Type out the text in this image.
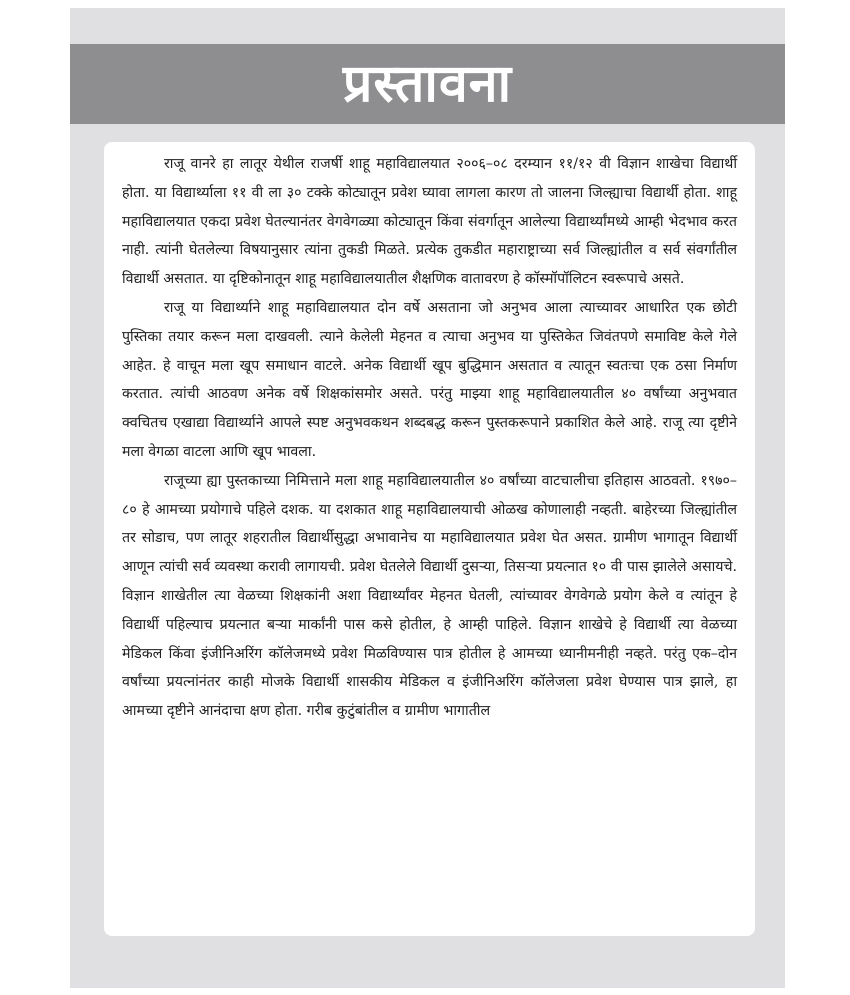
प्रस्तावना

राजू वानरे हा लातूर येथील राजर्षी शाहू महाविद्यालयात २००६–०८ दरम्यान ११/१२ वी विज्ञान शाखेचा विद्यार्थी होता. या विद्यार्थ्याला ११ वी ला ३० टक्के कोट्यातून प्रवेश घ्यावा लागला कारण तो जालना जिल्ह्याचा विद्यार्थी होता. शाहू महाविद्यालयात एकदा प्रवेश घेतल्यानंतर वेगवेगळ्या कोट्यातून किंवा संवर्गातून आलेल्या विद्यार्थ्यांमध्ये आम्ही भेदभाव करत नाही. त्यांनी घेतलेल्या विषयानुसार त्यांना तुकडी मिळते. प्रत्येक तुकडीत महाराष्ट्राच्या सर्व जिल्ह्यांतील व सर्व संवर्गांतील विद्यार्थी असतात. या दृष्टिकोनातून शाहू महाविद्यालयातील शैक्षणिक वातावरण हे कॉस्मॉपॉलिटन स्वरूपाचे असते.

राजू या विद्यार्थ्याने शाहू महाविद्यालयात दोन वर्षे असताना जो अनुभव आला त्याच्यावर आधारित एक छोटी पुस्तिका तयार करून मला दाखवली. त्याने केलेली मेहनत व त्याचा अनुभव या पुस्तिकेत जिवंतपणे समाविष्ट केले गेले आहेत. हे वाचून मला खूप समाधान वाटले. अनेक विद्यार्थी खूप बुद्धिमान असतात व त्यातून स्वतःचा एक ठसा निर्माण करतात. त्यांची आठवण अनेक वर्षे शिक्षकांसमोर असते. परंतु माझ्या शाहू महाविद्यालयातील ४० वर्षांच्या अनुभवात क्वचितच एखाद्या विद्यार्थ्याने आपले स्पष्ट अनुभवकथन शब्दबद्ध करून पुस्तकरूपाने प्रकाशित केले आहे. राजू त्या दृष्टीने मला वेगळा वाटला आणि खूप भावला.

राजूच्या ह्या पुस्तकाच्या निमित्ताने मला शाहू महाविद्यालयातील ४० वर्षांच्या वाटचालीचा इतिहास आठवतो. १९७०–८० हे आमच्या प्रयोगाचे पहिले दशक. या दशकात शाहू महाविद्यालयाची ओळख कोणालाही नव्हती. बाहेरच्या जिल्ह्यांतील तर सोडाच, पण लातूर शहरातील विद्यार्थीसुद्धा अभावानेच या महाविद्यालयात प्रवेश घेत असत. ग्रामीण भागातून विद्यार्थी आणून त्यांची सर्व व्यवस्था करावी लागायची. प्रवेश घेतलेले विद्यार्थी दुसऱ्या, तिसऱ्या प्रयत्नात १० वी पास झालेले असायचे. विज्ञान शाखेतील त्या वेळच्या शिक्षकांनी अशा विद्यार्थ्यांवर मेहनत घेतली, त्यांच्यावर वेगवेगळे प्रयोग केले व त्यांतून हे विद्यार्थी पहिल्याच प्रयत्नात बऱ्या मार्कांनी पास कसे होतील, हे आम्ही पाहिले. विज्ञान शाखेचे हे विद्यार्थी त्या वेळच्या मेडिकल किंवा इंजीनिअरिंग कॉलेजमध्ये प्रवेश मिळविण्यास पात्र होतील हे आमच्या ध्यानीमनीही नव्हते. परंतु एक–दोन वर्षांच्या प्रयत्नांनंतर काही मोजके विद्यार्थी शासकीय मेडिकल व इंजीनिअरिंग कॉलेजला प्रवेश घेण्यास पात्र झाले, हा आमच्या दृष्टीने आनंदाचा क्षण होता. गरीब कुटुंबांतील व ग्रामीण भागातील
